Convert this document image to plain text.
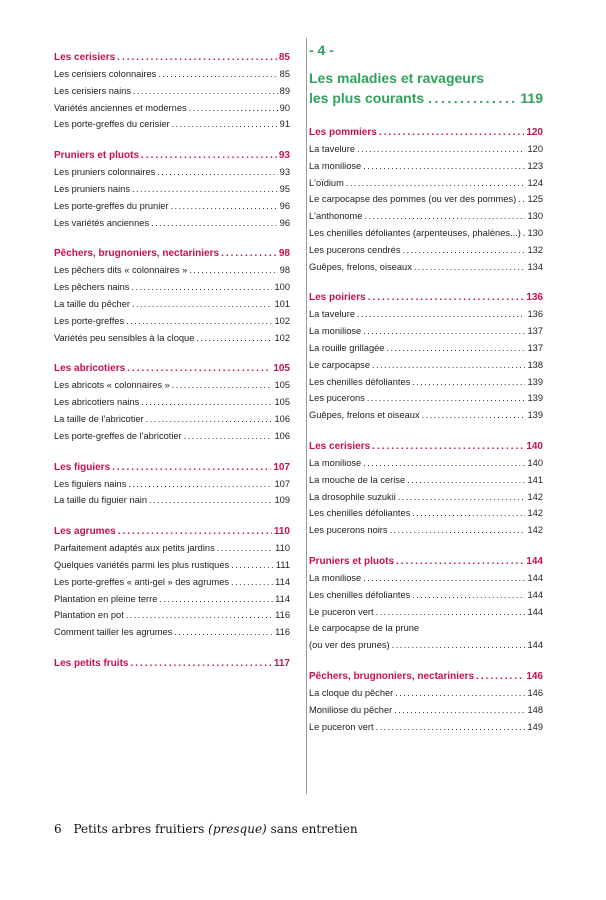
Les cerisiers .....	85
Les cerisiers colonnaires .....	85
Les cerisiers nains .....	89
Variétés anciennes et modernes .....	90
Les porte-greffes du cerisier .....	91
Pruniers et pluots .....	93
Les pruniers colonnaires .....	93
Les pruniers nains .....	95
Les porte-greffes du prunier .....	96
Les variétés anciennes .....	96
Pêchers, brugnoniers, nectariniers .....	98
Les pêchers dits « colonnaires » .....	98
Les pêchers nains .....	100
La taille du pêcher .....	101
Les porte-greffes .....	102
Variétés peu sensibles à la cloque .....	102
Les abricotiers .....	105
Les abricots « colonnaires » .....	105
Les abricotiers nains .....	105
La taille de l'abricotier .....	106
Les porte-greffes de l'abricotier .....	106
Les figuiers .....	107
Les figuiers nains .....	107
La taille du figuier nain .....	109
Les agrumes .....	110
Parfaitement adaptés aux petits jardins .....	110
Quelques variétés parmi les plus rustiques .....	111
Les porte-greffes « anti-gel » des agrumes .....	114
Plantation en pleine terre .....	114
Plantation en pot .....	116
Comment tailler les agrumes .....	116
Les petits fruits .....	117
- 4 -
Les maladies et ravageurs
les plus courants .....	119
Les pommiers .....	120
La tavelure .....	120
La moniliose .....	123
L'oïdium .....	124
Le carpocapse des pommes (ou ver des pommes) ..... 125
L'anthonome .....	130
Les chenilles défoliantes (arpenteuses, phalènes...) ..... 130
Les pucerons cendrés .....	132
Guêpes, frelons, oiseaux .....	134
Les poiriers .....	136
La tavelure .....	136
La moniliose .....	137
La rouille grillagée .....	137
Le carpocapse .....	138
Les chenilles défoliantes .....	139
Les pucerons .....	139
Guêpes, frelons et oiseaux .....	139
Les cerisiers .....	140
La moniliose .....	140
La mouche de la cerise .....	141
La drosophile suzukii .....	142
Les chenilles défoliantes .....	142
Les pucerons noirs .....	142
Pruniers et pluots .....	144
La moniliose .....	144
Les chenilles défoliantes .....	144
Le puceron vert .....	144
Le carpocapse de la prune
(ou ver des prunes) .....	144
Pêchers, brugnoniers, nectariniers .....	146
La cloque du pêcher .....	146
Moniliose du pêcher .....	148
Le puceron vert .....	149
6 Petits arbres fruitiers (presque) sans entretien
